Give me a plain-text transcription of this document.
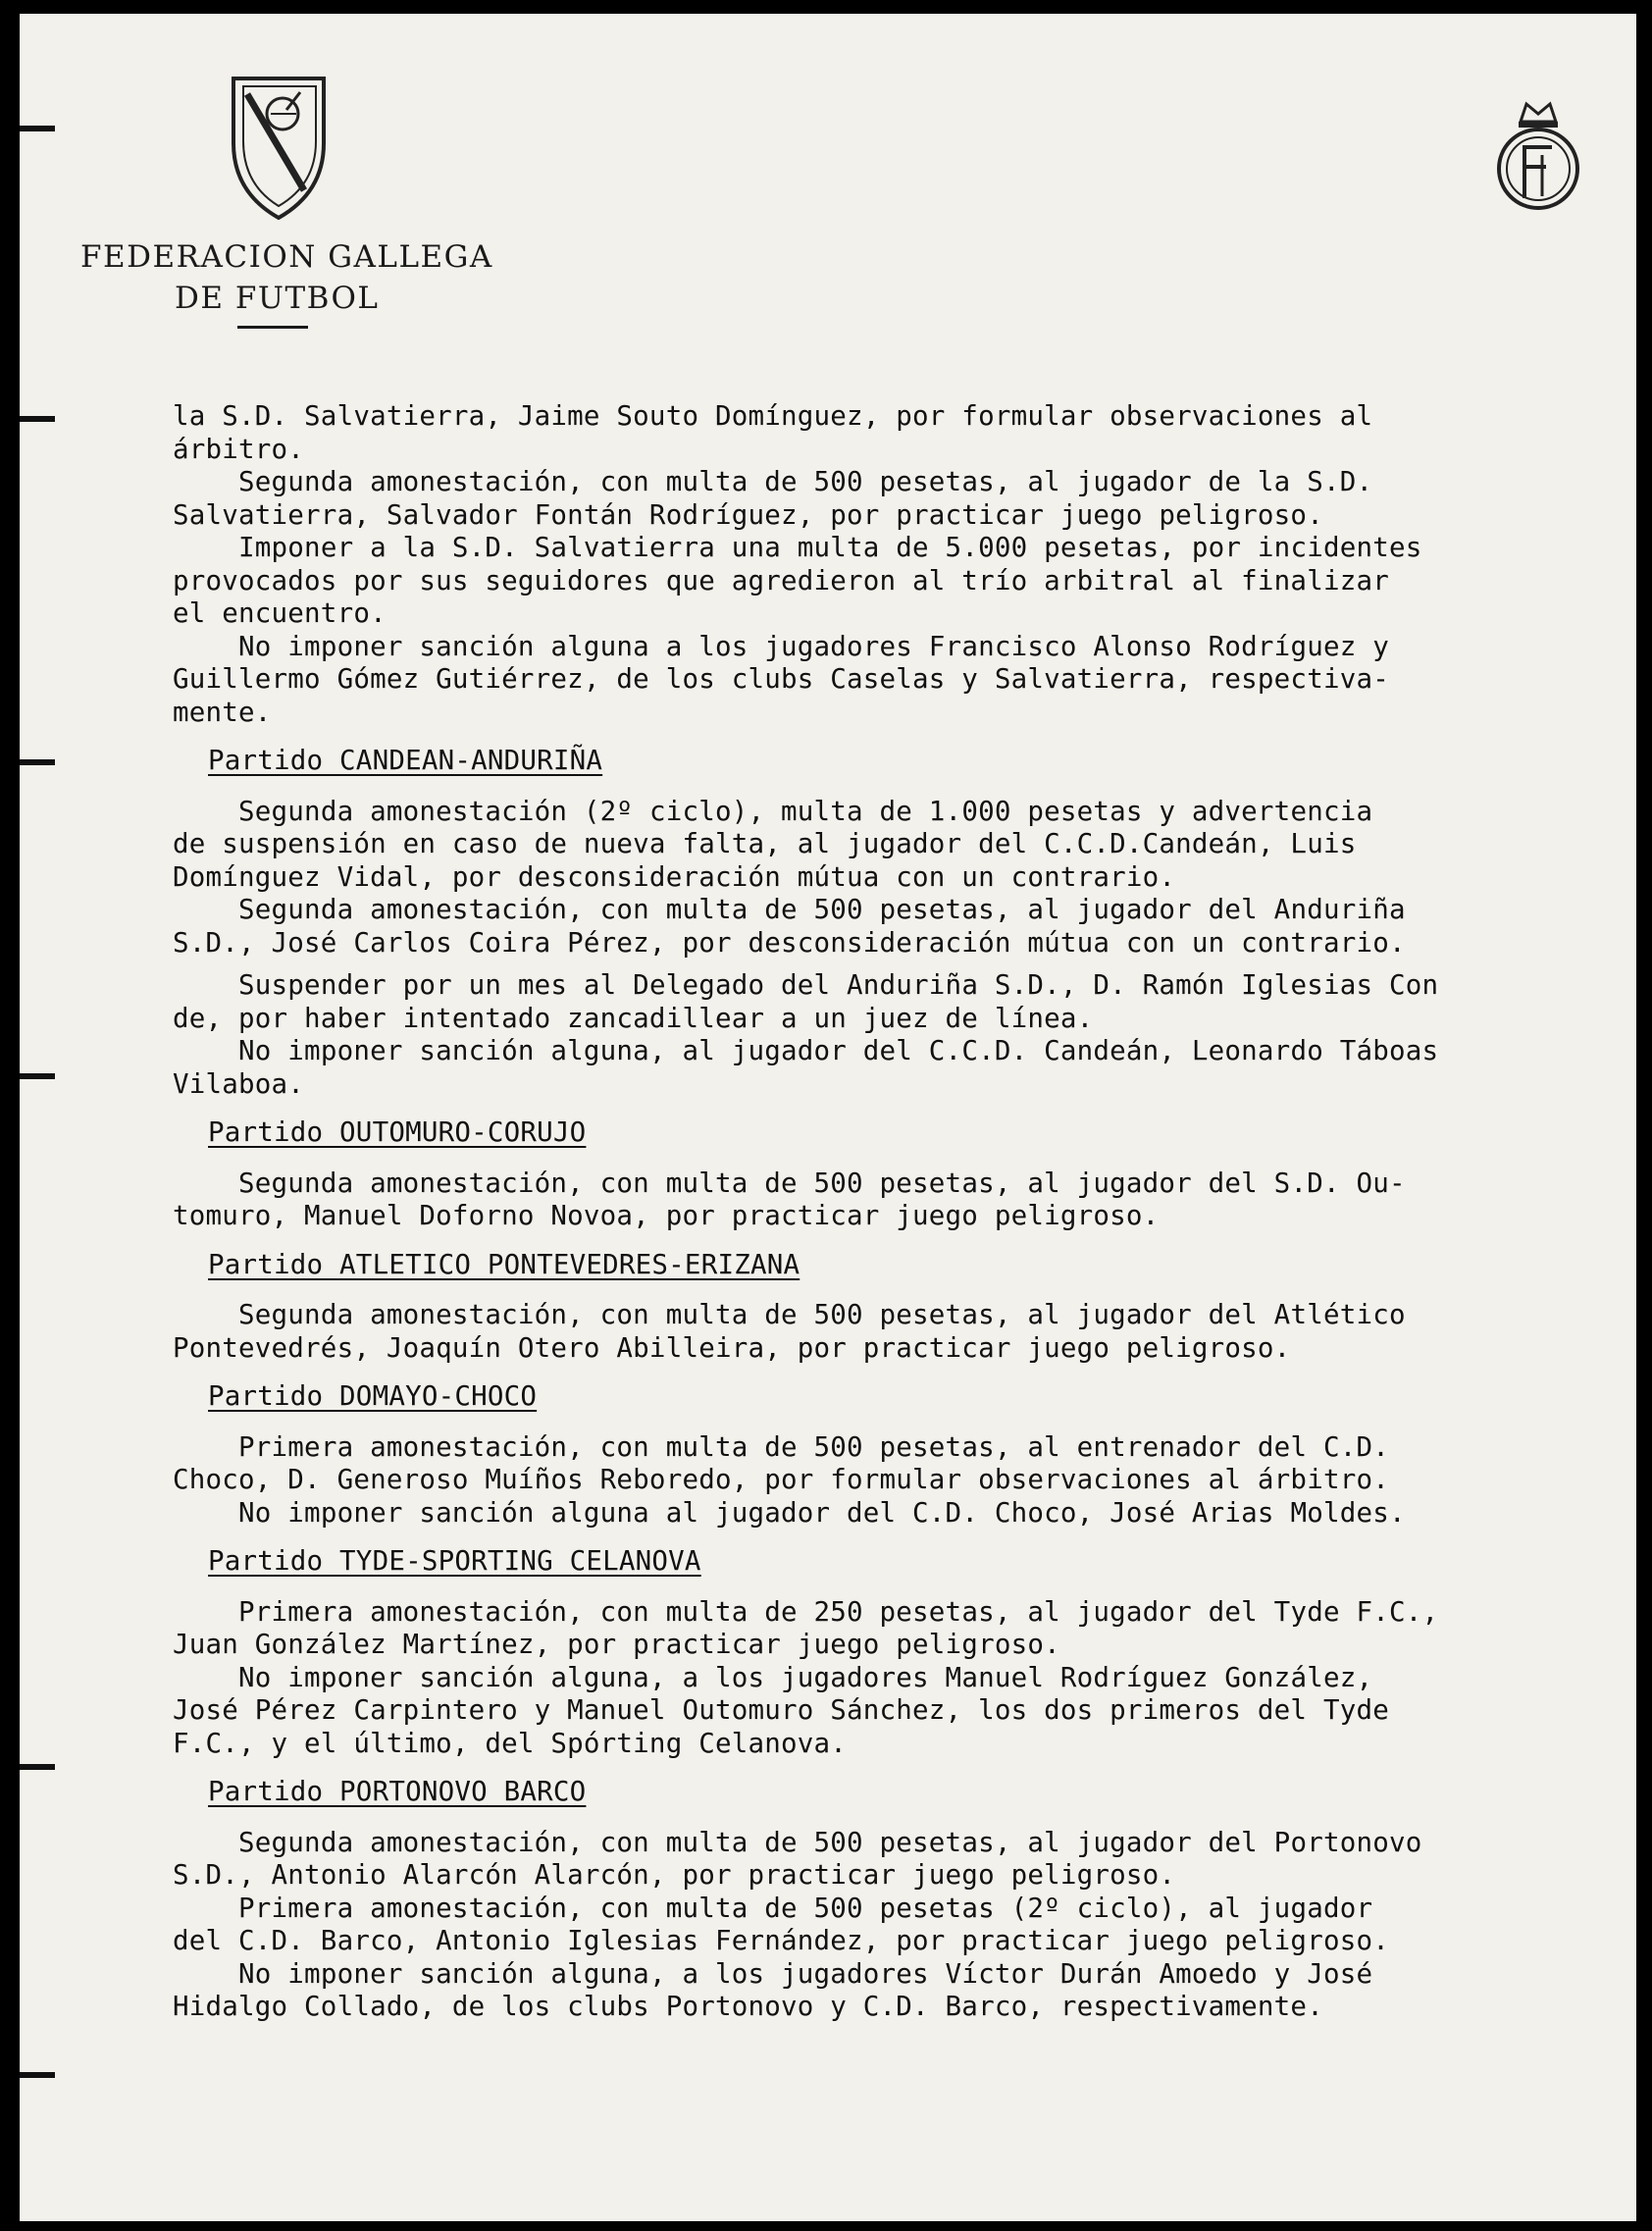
FEDERACION GALLEGA
DE FUTBOL

la S.D. Salvatierra, Jaime Souto Domínguez, por formular observaciones al
árbitro.

Segunda amonestación, con multa de 500 pesetas, al jugador de la S.D.
Salvatierra, Salvador Fontán Rodríguez, por practicar juego peligroso.

Imponer a la S.D. Salvatierra una multa de 5.000 pesetas, por incidentes
provocados por sus seguidores que agredieron al trío arbitral al finalizar
el encuentro.

No imponer sanción alguna a los jugadores Francisco Alonso Rodríguez y
Guillermo Gómez Gutiérrez, de los clubs Caselas y Salvatierra, respectiva-
mente.

Partido CANDEAN-ANDURIÑA

Segunda amonestación (2º ciclo), multa de 1.000 pesetas y advertencia
de suspensión en caso de nueva falta, al jugador del C.C.D.Candeán, Luis
Domínguez Vidal, por desconsideración mútua con un contrario.

Segunda amonestación, con multa de 500 pesetas, al jugador del Anduriña
S.D., José Carlos Coira Pérez, por desconsideración mútua con un contrario.

Suspender por un mes al Delegado del Anduriña S.D., D. Ramón Iglesias Con
de, por haber intentado zancadillear a un juez de línea.

No imponer sanción alguna, al jugador del C.C.D. Candeán, Leonardo Táboas
Vilaboa.

Partido OUTOMURO-CORUJO

Segunda amonestación, con multa de 500 pesetas, al jugador del S.D. Ou-
tomuro, Manuel Doforno Novoa, por practicar juego peligroso.

Partido ATLETICO PONTEVEDRES-ERIZANA

Segunda amonestación, con multa de 500 pesetas, al jugador del Atlético
Pontevedrés, Joaquín Otero Abilleira, por practicar juego peligroso.

Partido DOMAYO-CHOCO

Primera amonestación, con multa de 500 pesetas, al entrenador del C.D.
Choco, D. Generoso Muíños Reboredo, por formular observaciones al árbitro.

No imponer sanción alguna al jugador del C.D. Choco, José Arias Moldes.

Partido TYDE-SPORTING CELANOVA

Primera amonestación, con multa de 250 pesetas, al jugador del Tyde F.C.,
Juan González Martínez, por practicar juego peligroso.

No imponer sanción alguna, a los jugadores Manuel Rodríguez González,
José Pérez Carpintero y Manuel Outomuro Sánchez, los dos primeros del Tyde
F.C., y el último, del Spórting Celanova.

Partido PORTONOVO_BARCO

Segunda amonestación, con multa de 500 pesetas, al jugador del Portonovo
S.D., Antonio Alarcón Alarcón, por practicar juego peligroso.

Primera amonestación, con multa de 500 pesetas (2º ciclo), al jugador
del C.D. Barco, Antonio Iglesias Fernández, por practicar juego peligroso.

No imponer sanción alguna, a los jugadores Víctor Durán Amoedo y José
Hidalgo Collado, de los clubs Portonovo y C.D. Barco, respectivamente.
